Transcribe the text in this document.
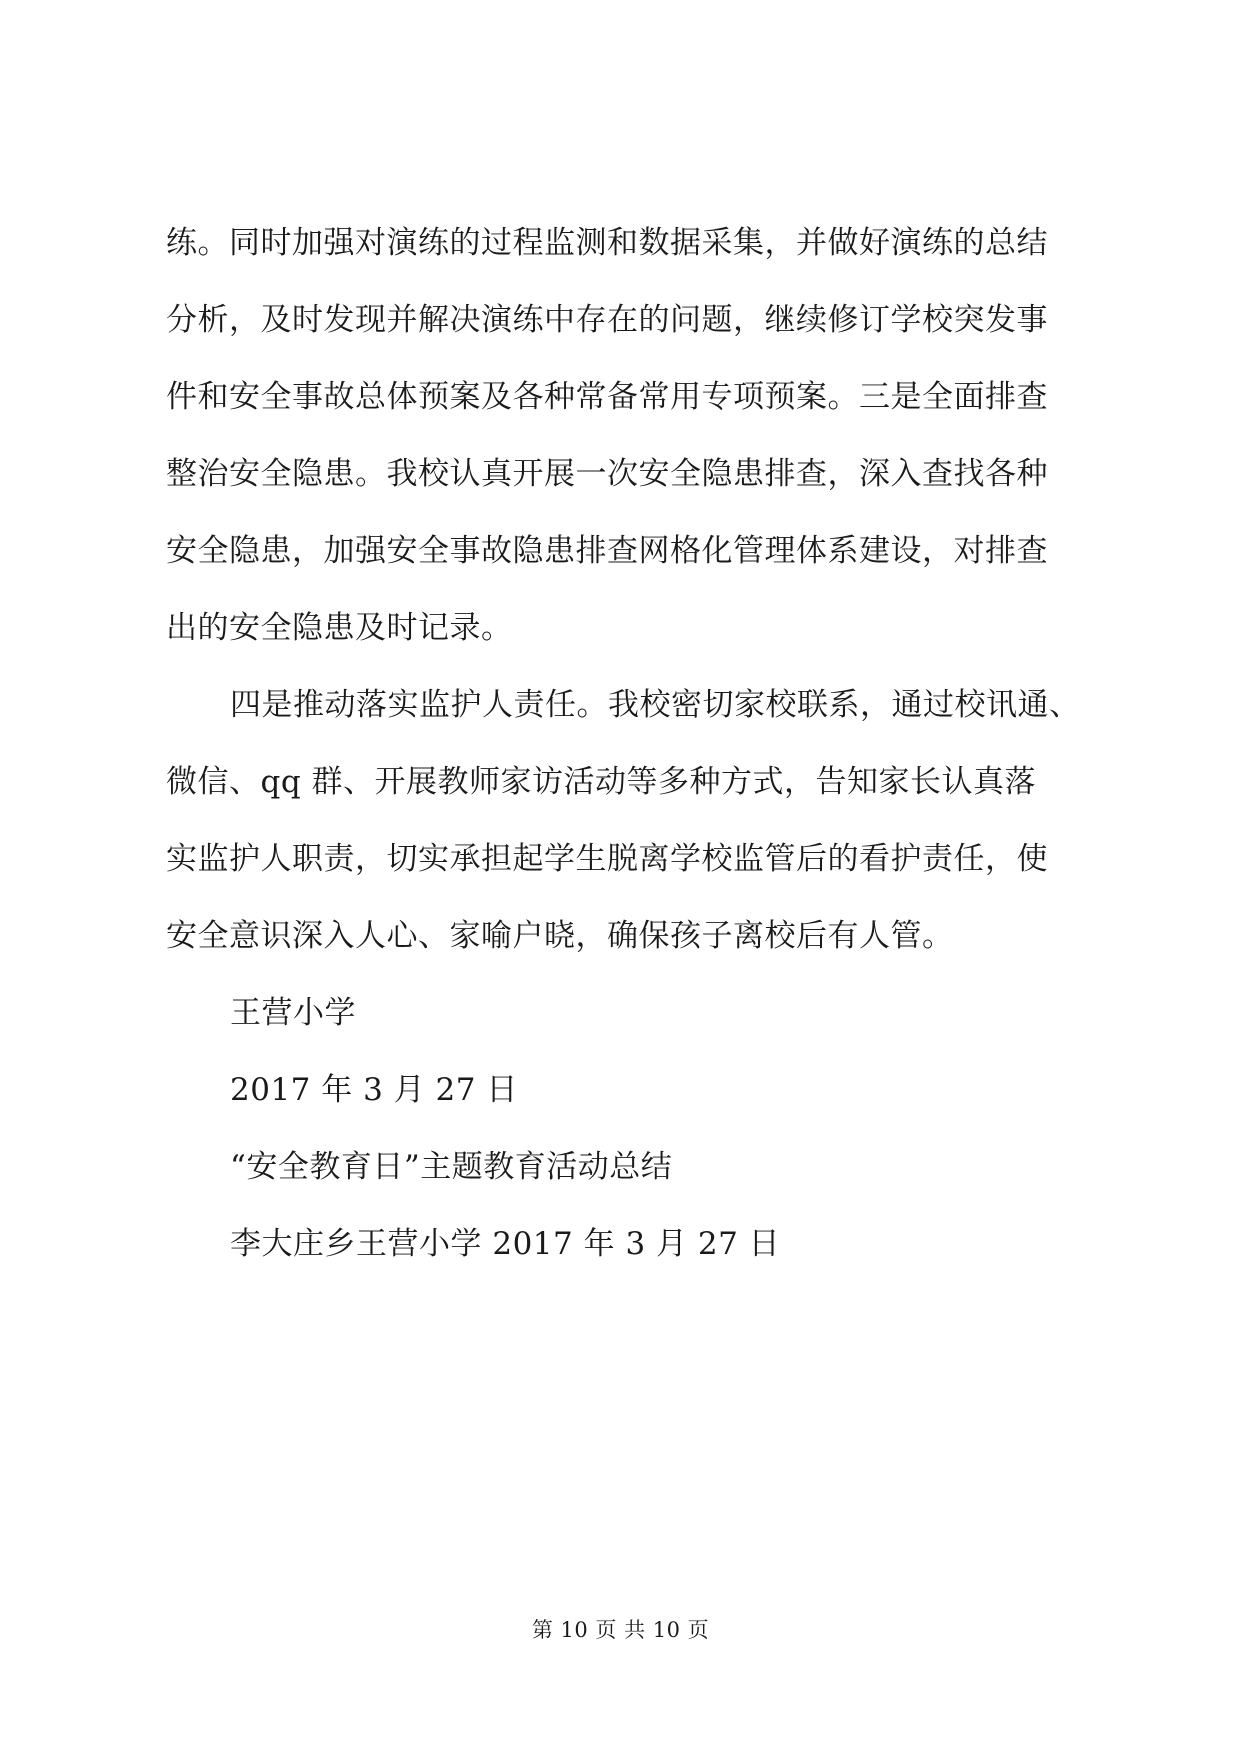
练。同时加强对演练的过程监测和数据采集，并做好演练的总结
分析，及时发现并解决演练中存在的问题，继续修订学校突发事
件和安全事故总体预案及各种常备常用专项预案。三是全面排查
整治安全隐患。我校认真开展一次安全隐患排查，深入查找各种
安全隐患，加强安全事故隐患排查网格化管理体系建设，对排查
出的安全隐患及时记录。
四是推动落实监护人责任。我校密切家校联系，通过校讯通、
微信、qq 群、开展教师家访活动等多种方式，告知家长认真落
实监护人职责，切实承担起学生脱离学校监管后的看护责任，使
安全意识深入人心、家喻户晓，确保孩子离校后有人管。
王营小学
2017 年 3 月 27 日
“安全教育日”主题教育活动总结
李大庄乡王营小学 2017 年 3 月 27 日
第 10 页 共 10 页
